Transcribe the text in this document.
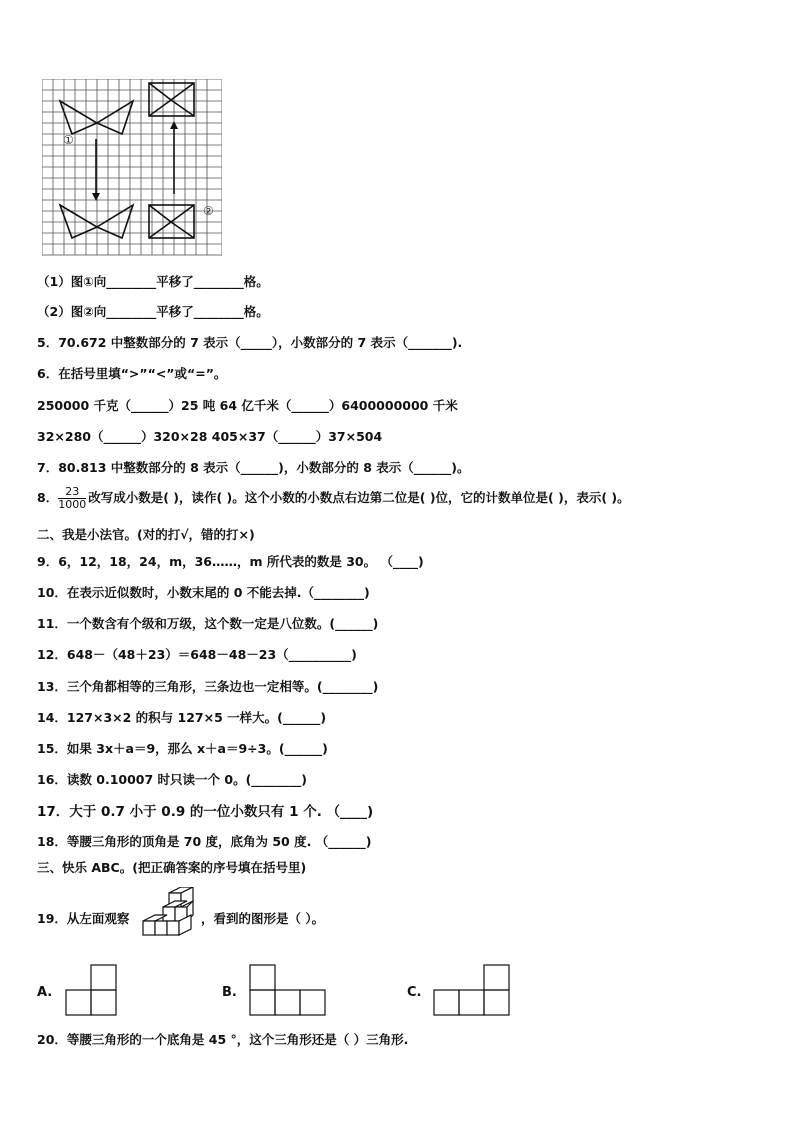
①
②
（1）图①向________平移了________格。
（2）图②向________平移了________格。
5．70.672 中整数部分的 7 表示（_____），小数部分的 7 表示（_______).
6．在括号里填“>”“<”或“=”。
250000 千克（______）25 吨 64 亿千米（______）6400000000 千米
32×280（______）320×28 405×37（______）37×504
7．80.813 中整数部分的 8 表示（______)，小数部分的 8 表示（______)。
8． $\frac{23}{1000}$ 改写成小数是( )，读作( )。这个小数的小数点右边第二位是( )位，它的计数单位是( )，表示( )。
二、我是小法官。(对的打√，错的打×)
9．6，12，18，24，m，36……，m 所代表的数是 30。 （____)
10．在表示近似数时，小数末尾的 0 不能去掉.（________)
11．一个数含有个级和万级，这个数一定是八位数。(______)
12．648－（48＋23）＝648－48－23（__________)
13．三个角都相等的三角形，三条边也一定相等。(________)
14．127×3×2 的积与 127×5 一样大。(______)
15．如果 3x＋a＝9，那么 x＋a＝9÷3。(______)
16．读数 0.10007 时只读一个 0。(________)
17．大于 0.7 小于 0.9 的一位小数只有 1 个. （____)
18．等腰三角形的顶角是 70 度，底角为 50 度. （______)
三、快乐 ABC。(把正确答案的序号填在括号里)
19．从左面观察	，看到的图形是（ ）。
A.	B.	C.
20．等腰三角形的一个底角是 45 °，这个三角形还是（ ）三角形.
